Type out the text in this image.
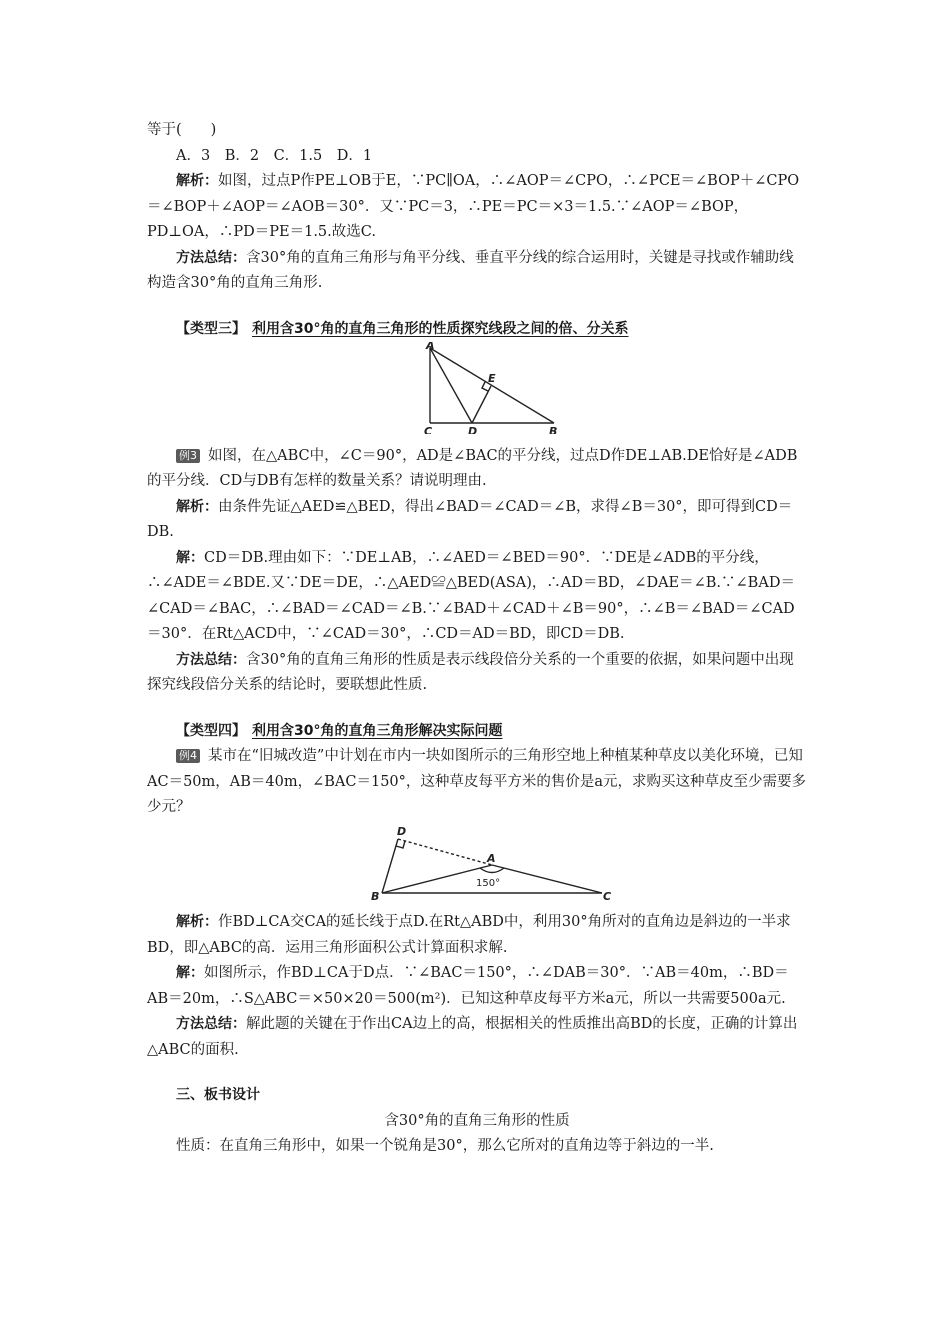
等于(　　)

A．3　B．2　C．1.5　D．1

解析：如图，过点P作PE⊥OB于E，∵PC∥OA，∴∠AOP＝∠CPO，∴∠PCE＝∠BOP＋∠CPO＝∠BOP＋∠AOP＝∠AOB＝30°．又∵PC＝3，∴PE＝PC＝×3＝1.5.∵∠AOP＝∠BOP，PD⊥OA，∴PD＝PE＝1.5.故选C.

方法总结：含30°角的直角三角形与角平分线、垂直平分线的综合运用时，关键是寻找或作辅助线构造含30°角的直角三角形.

【类型三】 利用含30°角的直角三角形的性质探究线段之间的倍、分关系

A
E
C	D	B

例3 如图，在△ABC中，∠C＝90°，AD是∠BAC的平分线，过点D作DE⊥AB.DE恰好是∠ADB的平分线．CD与DB有怎样的数量关系？请说明理由.

解析：由条件先证△AED≌△BED，得出∠BAD＝∠CAD＝∠B，求得∠B＝30°，即可得到CD＝DB.

解：CD＝DB.理由如下：∵DE⊥AB，∴∠AED＝∠BED＝90°．∵DE是∠ADB的平分线，∴∠ADE＝∠BDE.又∵DE＝DE，∴△AED≌△BED(ASA)，∴AD＝BD，∠DAE＝∠B.∵∠BAD＝∠CAD＝∠BAC，∴∠BAD＝∠CAD＝∠B.∵∠BAD＋∠CAD＋∠B＝90°，∴∠B＝∠BAD＝∠CAD＝30°．在Rt△ACD中，∵∠CAD＝30°，∴CD＝AD＝BD，即CD＝DB.

方法总结：含30°角的直角三角形的性质是表示线段倍分关系的一个重要的依据，如果问题中出现探究线段倍分关系的结论时，要联想此性质.

【类型四】 利用含30°角的直角三角形解决实际问题

例4 某市在“旧城改造”中计划在市内一块如图所示的三角形空地上种植某种草皮以美化环境，已知AC＝50m，AB＝40m，∠BAC＝150°，这种草皮每平方米的售价是a元，求购买这种草皮至少需要多少元？

D
A
B	C
150°

解析：作BD⊥CA交CA的延长线于点D.在Rt△ABD中，利用30°角所对的直角边是斜边的一半求BD，即△ABC的高．运用三角形面积公式计算面积求解.

解：如图所示，作BD⊥CA于D点．∵∠BAC＝150°，∴∠DAB＝30°．∵AB＝40m，∴BD＝AB＝20m，∴S△ABC＝×50×20＝500(m²)．已知这种草皮每平方米a元，所以一共需要500a元.

方法总结：解此题的关键在于作出CA边上的高，根据相关的性质推出高BD的长度，正确的计算出△ABC的面积.

三、板书设计

含30°角的直角三角形的性质

性质：在直角三角形中，如果一个锐角是30°，那么它所对的直角边等于斜边的一半.
